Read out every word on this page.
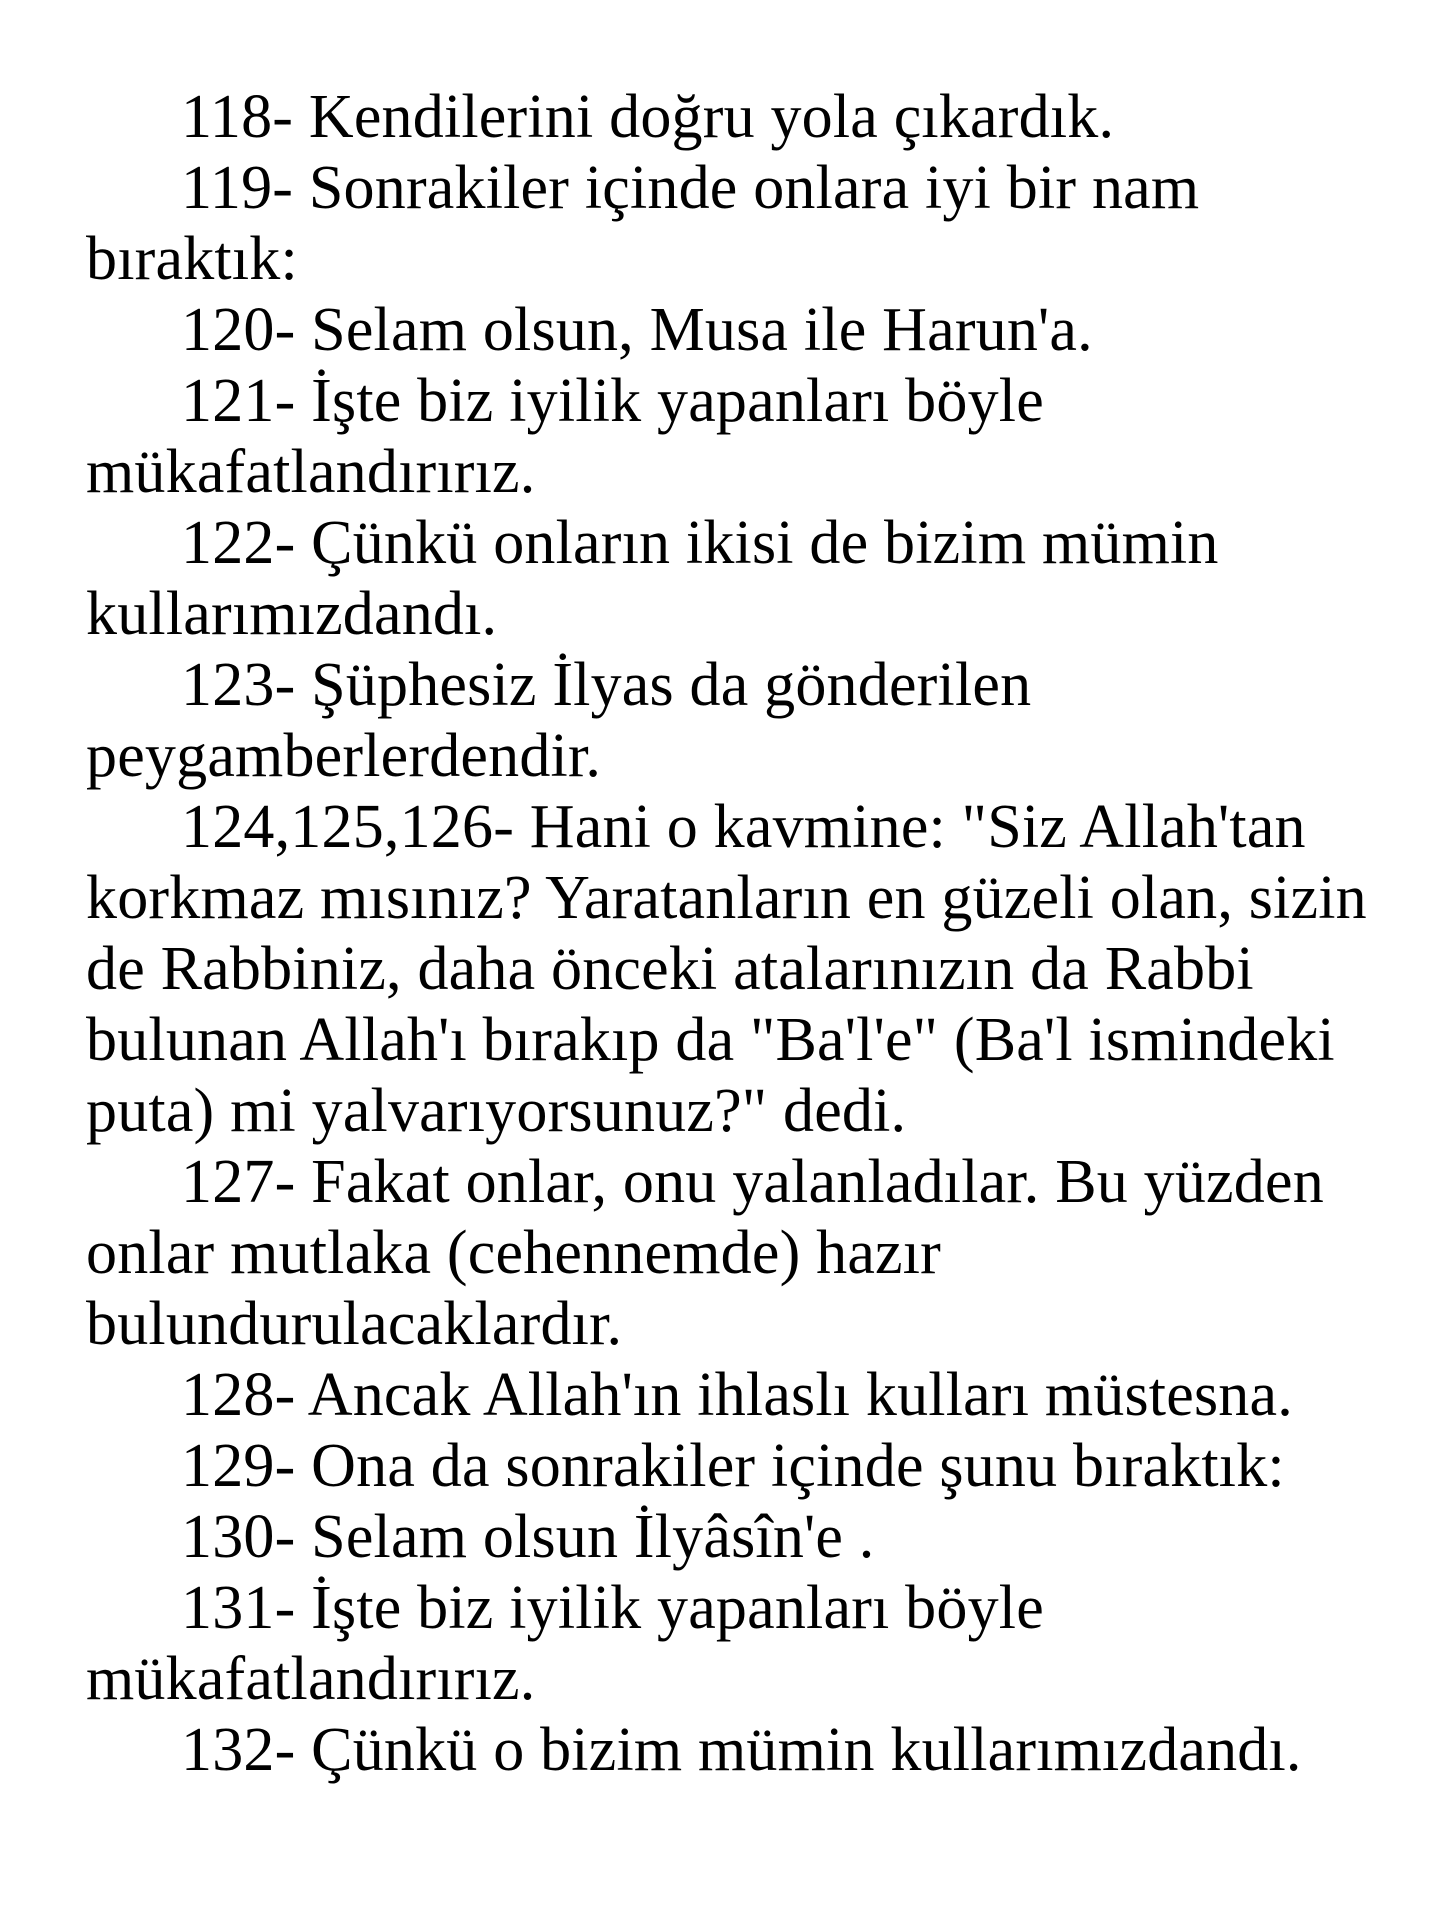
118- Kendilerini doğru yola çıkardık.

119- Sonrakiler içinde onlara iyi bir nam bıraktık:

120- Selam olsun, Musa ile Harun'a.

121- İşte biz iyilik yapanları böyle mükafatlandırırız.

122- Çünkü onların ikisi de bizim mümin kullarımızdandı.

123- Şüphesiz İlyas da gönderilen peygamberlerdendir.

124,125,126- Hani o kavmine: "Siz Allah'tan korkmaz mısınız? Yaratanların en güzeli olan, sizin de Rabbiniz, daha önceki atalarınızın da Rabbi bulunan Allah'ı bırakıp da "Ba'l'e" (Ba'l ismindeki puta) mi yalvarıyorsunuz?" dedi.

127- Fakat onlar, onu yalanladılar. Bu yüzden onlar mutlaka (cehennemde) hazır bulundurulacaklardır.

128- Ancak Allah'ın ihlaslı kulları müstesna.

129- Ona da sonrakiler içinde şunu bıraktık:

130- Selam olsun İlyâsîn'e .

131- İşte biz iyilik yapanları böyle mükafatlandırırız.

132- Çünkü o bizim mümin kullarımızdandı.
